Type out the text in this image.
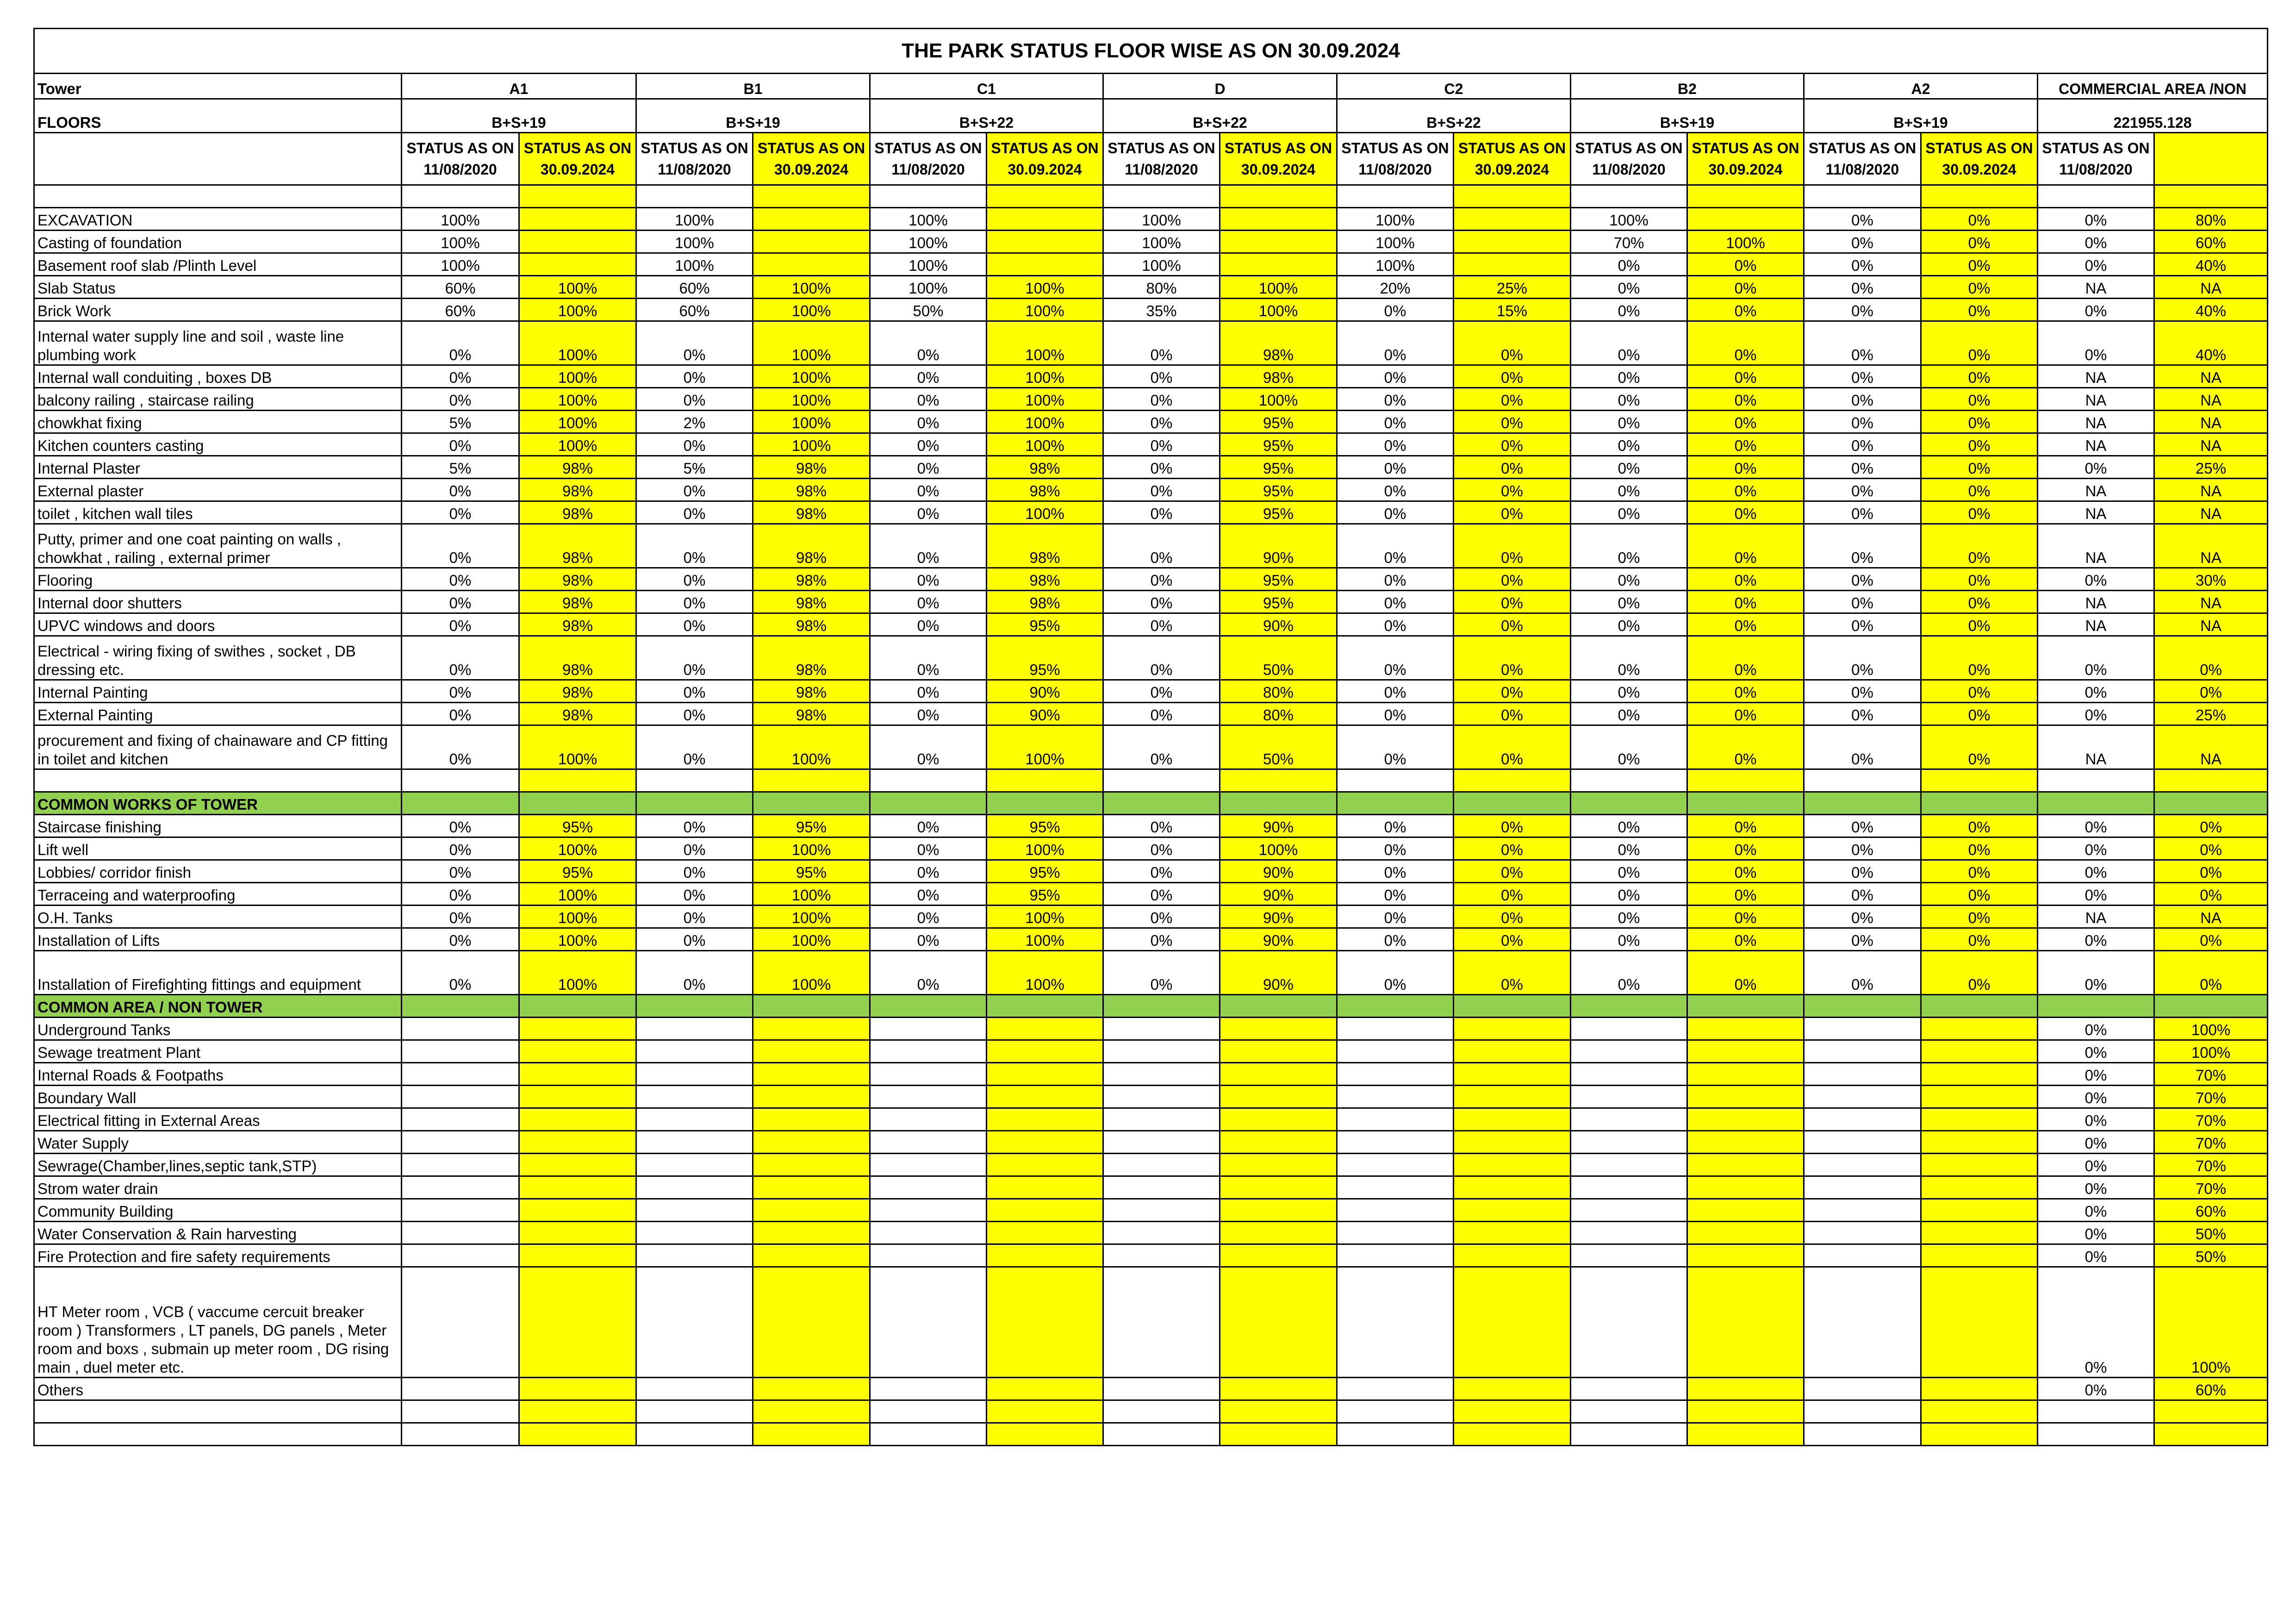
THE PARK STATUS FLOOR WISE AS ON 30.09.2024																
Tower	A1		B1		C1		D		C2		B2		A2		COMMERCIAL AREA /NON	
FLOORS	B+S+19		B+S+19		B+S+22		B+S+22		B+S+22		B+S+19		B+S+19		221955.128	
	STATUS AS ON 11/08/2020	STATUS AS ON 30.09.2024	STATUS AS ON 11/08/2020	STATUS AS ON 30.09.2024	STATUS AS ON 11/08/2020	STATUS AS ON 30.09.2024	STATUS AS ON 11/08/2020	STATUS AS ON 30.09.2024	STATUS AS ON 11/08/2020	STATUS AS ON 30.09.2024	STATUS AS ON 11/08/2020	STATUS AS ON 30.09.2024	STATUS AS ON 11/08/2020	STATUS AS ON 30.09.2024	STATUS AS ON 11/08/2020	

EXCAVATION	100%		100%		100%		100%		100%		100%		0%	0%	0%	80%
Casting of foundation	100%		100%		100%		100%		100%		70%	100%	0%	0%	0%	60%
Basement roof slab /Plinth Level	100%		100%		100%		100%		100%		0%	0%	0%	0%	0%	40%
Slab Status	60%	100%	60%	100%	100%	100%	80%	100%	20%	25%	0%	0%	0%	0%	NA	NA
Brick Work	60%	100%	60%	100%	50%	100%	35%	100%	0%	15%	0%	0%	0%	0%	0%	40%
Internal water supply line and soil , waste line plumbing work	0%	100%	0%	100%	0%	100%	0%	98%	0%	0%	0%	0%	0%	0%	0%	40%
Internal wall conduiting , boxes DB	0%	100%	0%	100%	0%	100%	0%	98%	0%	0%	0%	0%	0%	0%	NA	NA
balcony railing , staircase railing	0%	100%	0%	100%	0%	100%	0%	100%	0%	0%	0%	0%	0%	0%	NA	NA
chowkhat fixing	5%	100%	2%	100%	0%	100%	0%	95%	0%	0%	0%	0%	0%	0%	NA	NA
Kitchen counters casting	0%	100%	0%	100%	0%	100%	0%	95%	0%	0%	0%	0%	0%	0%	NA	NA
Internal Plaster	5%	98%	5%	98%	0%	98%	0%	95%	0%	0%	0%	0%	0%	0%	0%	25%
External plaster	0%	98%	0%	98%	0%	98%	0%	95%	0%	0%	0%	0%	0%	0%	NA	NA
toilet , kitchen wall tiles	0%	98%	0%	98%	0%	100%	0%	95%	0%	0%	0%	0%	0%	0%	NA	NA
Putty, primer and one coat painting on walls , chowkhat , railing , external primer	0%	98%	0%	98%	0%	98%	0%	90%	0%	0%	0%	0%	0%	0%	NA	NA
Flooring	0%	98%	0%	98%	0%	98%	0%	95%	0%	0%	0%	0%	0%	0%	0%	30%
Internal door shutters	0%	98%	0%	98%	0%	98%	0%	95%	0%	0%	0%	0%	0%	0%	NA	NA
UPVC windows and doors	0%	98%	0%	98%	0%	95%	0%	90%	0%	0%	0%	0%	0%	0%	NA	NA
Electrical - wiring fixing of swithes , socket , DB dressing etc.	0%	98%	0%	98%	0%	95%	0%	50%	0%	0%	0%	0%	0%	0%	0%	0%
Internal Painting	0%	98%	0%	98%	0%	90%	0%	80%	0%	0%	0%	0%	0%	0%	0%	0%
External Painting	0%	98%	0%	98%	0%	90%	0%	80%	0%	0%	0%	0%	0%	0%	0%	25%
procurement and fixing of chainaware and CP fitting in toilet and kitchen	0%	100%	0%	100%	0%	100%	0%	50%	0%	0%	0%	0%	0%	0%	NA	NA

COMMON WORKS OF TOWER																
Staircase finishing	0%	95%	0%	95%	0%	95%	0%	90%	0%	0%	0%	0%	0%	0%	0%	0%
Lift well	0%	100%	0%	100%	0%	100%	0%	100%	0%	0%	0%	0%	0%	0%	0%	0%
Lobbies/ corridor finish	0%	95%	0%	95%	0%	95%	0%	90%	0%	0%	0%	0%	0%	0%	0%	0%
Terraceing and waterproofing	0%	100%	0%	100%	0%	95%	0%	90%	0%	0%	0%	0%	0%	0%	0%	0%
O.H. Tanks	0%	100%	0%	100%	0%	100%	0%	90%	0%	0%	0%	0%	0%	0%	NA	NA
Installation of Lifts	0%	100%	0%	100%	0%	100%	0%	90%	0%	0%	0%	0%	0%	0%	0%	0%
Installation of Firefighting fittings and equipment	0%	100%	0%	100%	0%	100%	0%	90%	0%	0%	0%	0%	0%	0%	0%	0%
COMMON AREA / NON TOWER																
Underground Tanks															0%	100%
Sewage treatment Plant															0%	100%
Internal Roads & Footpaths															0%	70%
Boundary Wall															0%	70%
Electrical fitting in External Areas															0%	70%
Water Supply															0%	70%
Sewrage(Chamber,lines,septic tank,STP)															0%	70%
Strom water drain															0%	70%
Community Building															0%	60%
Water Conservation & Rain harvesting															0%	50%
Fire Protection and fire safety requirements															0%	50%
HT Meter room , VCB ( vaccume cercuit breaker room ) Transformers , LT panels, DG panels , Meter room and boxs , submain up meter room , DG rising main , duel meter etc.															0%	100%
Others															0%	60%
